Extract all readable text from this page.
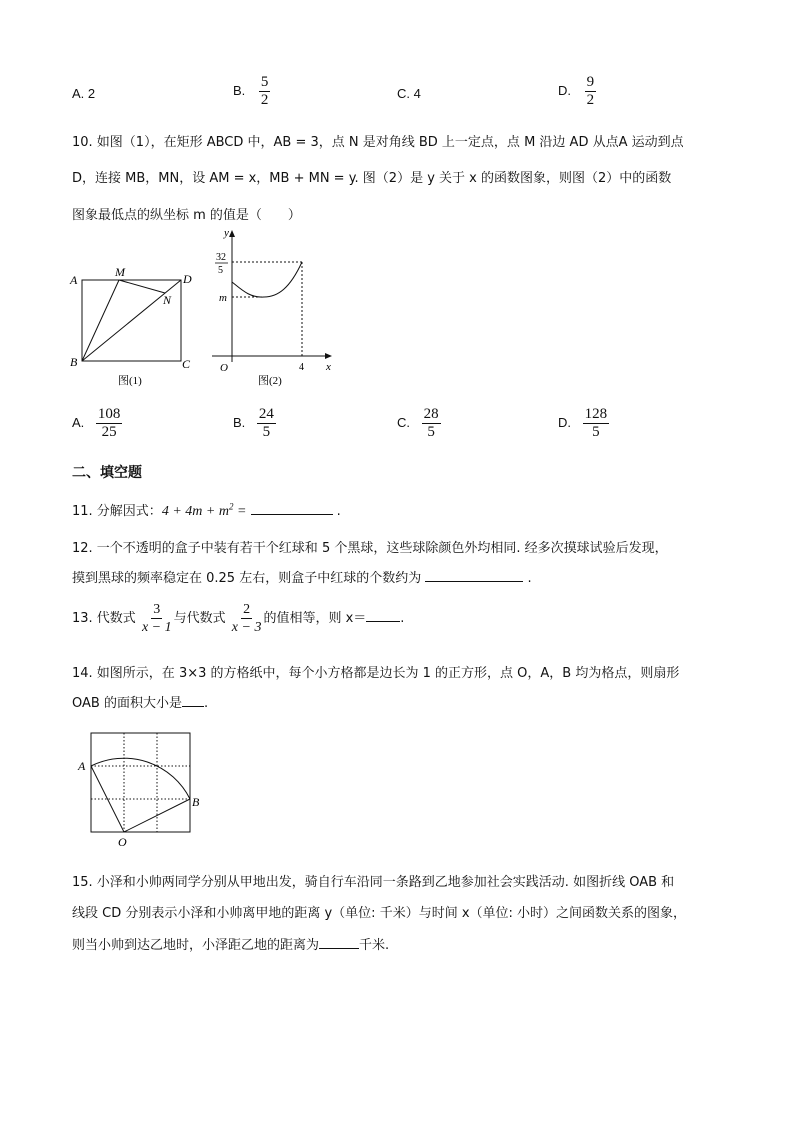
A. 2	B. $\frac{5}{2}$	C. 4	D. $\frac{9}{2}$
10. 如图（1），在矩形 ABCD 中，AB = 3，点 N 是对角线 BD 上一定点，点 M 沿边 AD 从点A 运动到点
D，连接 MB，MN，设 AM = x，MB + MN = y. 图（2）是 y 关于 x 的函数图象，则图（2）中的函数
图象最低点的纵坐标 m 的值是（　　）
A
M	D
N
B	C
图(1)
y
32
5
m
O	4 x
图(2)
A. $\frac{108}{25}$	B. $\frac{24}{5}$	C. $\frac{28}{5}$	D. $\frac{128}{5}$
二、填空题
11. 分解因式：$4 + 4m + m^2$ =	.
12. 一个不透明的盒子中装有若干个红球和 5 个黑球，这些球除颜色外均相同. 经多次摸球试验后发现，
摸到黑球的频率稳定在 0.25 左右，则盒子中红球的个数约为	.
13. 代数式 $\frac{3}{x - 1}$ 与代数式 $\frac{2}{x - 3}$ 的值相等，则 x＝	.
14. 如图所示，在 3×3 的方格纸中，每个小方格都是边长为 1 的正方形，点 O，A，B 均为格点，则扇形
OAB 的面积大小是 .
A
B
O
15. 小泽和小帅两同学分别从甲地出发，骑自行车沿同一条路到乙地参加社会实践活动. 如图折线 OAB 和
线段 CD 分别表示小泽和小帅离甲地的距离 y（单位: 千米）与时间 x（单位: 小时）之间函数关系的图象，
则当小帅到达乙地时，小泽距乙地的距离为	千米.
